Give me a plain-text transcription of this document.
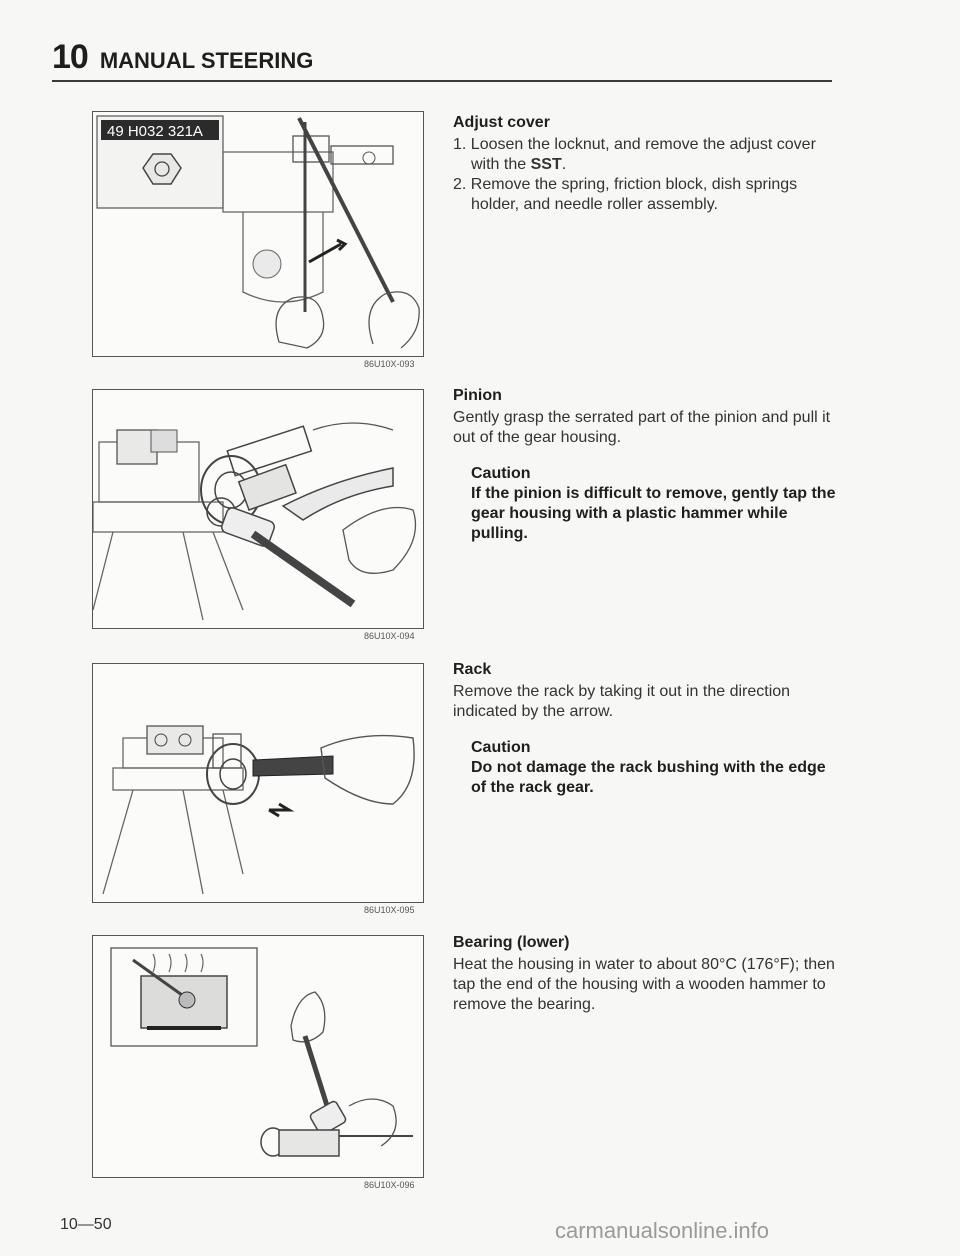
10 MANUAL STEERING
49 H032 321A
86U10X-093
86U10X-094
86U10X-095
86U10X-096
Adjust cover
1. Loosen the locknut, and remove the adjust cover with the SST.
2. Remove the spring, friction block, dish springs holder, and needle roller assembly.
Pinion

Gently grasp the serrated part of the pinion and pull it out of the gear housing.

Caution
If the pinion is difficult to remove, gently tap the gear housing with a plastic hammer while pulling.
Rack

Remove the rack by taking it out in the direction indicated by the arrow.

Caution
Do not damage the rack bushing with the edge of the rack gear.
Bearing (lower)

Heat the housing in water to about 80°C (176°F); then tap the end of the housing with a wooden hammer to remove the bearing.

10—50	carmanualsonline.info
